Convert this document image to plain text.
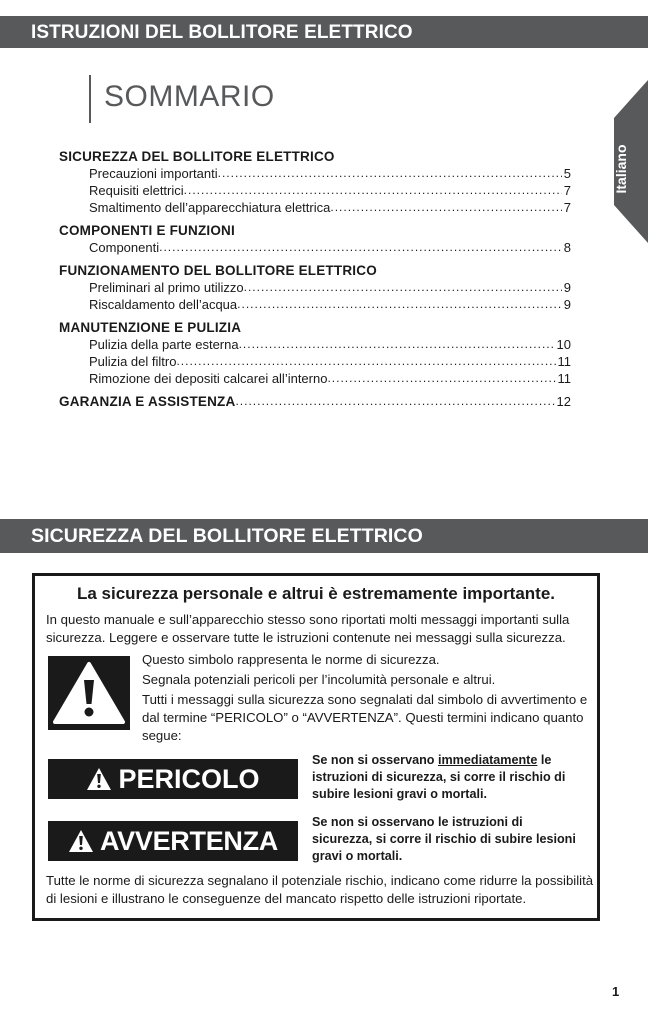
ISTRUZIONI DEL BOLLITORE ELETTRICO
Italiano
SOMMARIO
SICUREZZA DEL BOLLITORE ELETTRICO
Precauzioni importanti .....	5
Requisiti elettrici .....	7
Smaltimento dell’apparecchiatura elettrica .....	7
COMPONENTI E FUNZIONI
Componenti .....	8
FUNZIONAMENTO DEL BOLLITORE ELETTRICO
Preliminari al primo utilizzo .....	9
Riscaldamento dell’acqua .....	9
MANUTENZIONE E PULIZIA
Pulizia della parte esterna .....	10
Pulizia del filtro .....	11
Rimozione dei depositi calcarei all’interno .....	11
GARANZIA E ASSISTENZA .....	12
SICUREZZA DEL BOLLITORE ELETTRICO
La sicurezza personale e altrui è estremamente importante.
In questo manuale e sull’apparecchio stesso sono riportati molti messaggi importanti sulla sicurezza. Leggere e osservare tutte le istruzioni contenute nei messaggi sulla sicurezza.
Questo simbolo rappresenta le norme di sicurezza.
Segnala potenziali pericoli per l’incolumità personale e altrui.
Tutti i messaggi sulla sicurezza sono segnalati dal simbolo di avvertimento e dal termine “PERICOLO” o “AVVERTENZA”. Questi termini indicano quanto segue:
PERICOLO
Se non si osservano immediatamente le istruzioni di sicurezza, si corre il rischio di subire lesioni gravi o mortali.
AVVERTENZA
Se non si osservano le istruzioni di sicurezza, si corre il rischio di subire lesioni gravi o mortali.
Tutte le norme di sicurezza segnalano il potenziale rischio, indicano come ridurre la possibilità di lesioni e illustrano le conseguenze del mancato rispetto delle istruzioni riportate.
1
